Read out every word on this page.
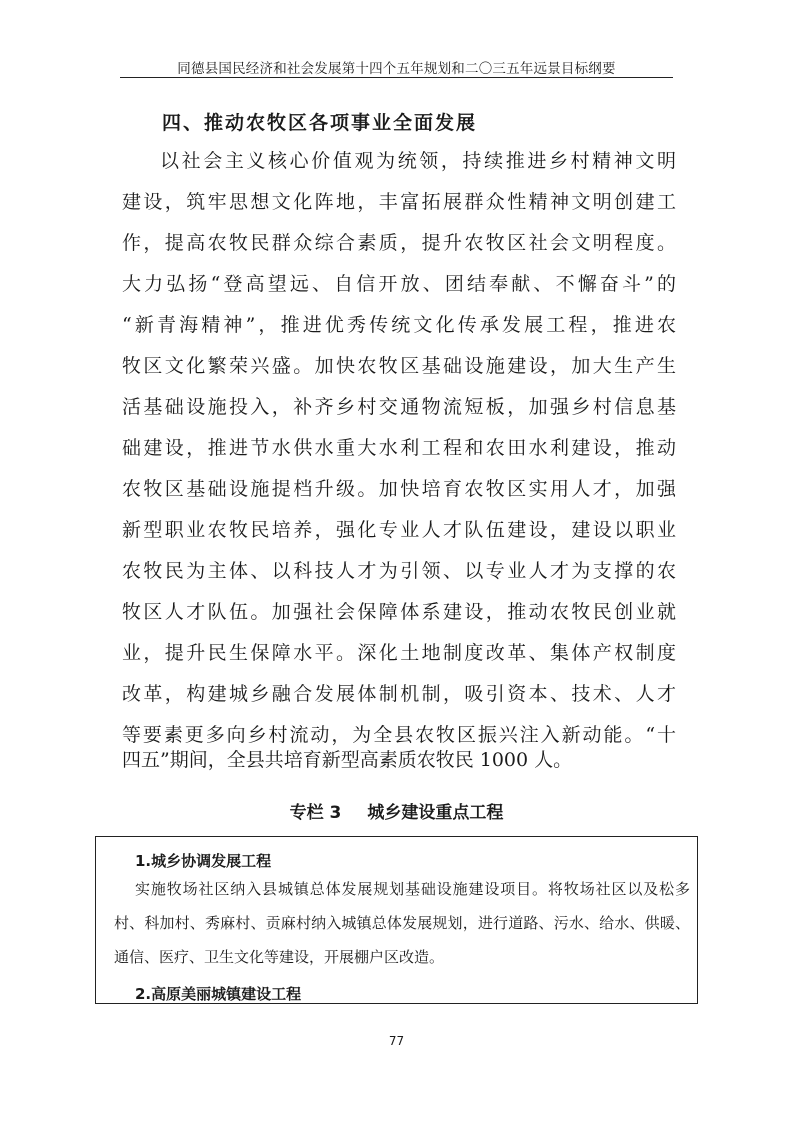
同德县国民经济和社会发展第十四个五年规划和二〇三五年远景目标纲要
四、推动农牧区各项事业全面发展
以社会主义核心价值观为统领，持续推进乡村精神文明
建设，筑牢思想文化阵地，丰富拓展群众性精神文明创建工
作，提高农牧民群众综合素质，提升农牧区社会文明程度。
大力弘扬“登高望远、自信开放、团结奉献、不懈奋斗”的
“新青海精神”，推进优秀传统文化传承发展工程，推进农
牧区文化繁荣兴盛。加快农牧区基础设施建设，加大生产生
活基础设施投入，补齐乡村交通物流短板，加强乡村信息基
础建设，推进节水供水重大水利工程和农田水利建设，推动
农牧区基础设施提档升级。加快培育农牧区实用人才，加强
新型职业农牧民培养，强化专业人才队伍建设，建设以职业
农牧民为主体、以科技人才为引领、以专业人才为支撑的农
牧区人才队伍。加强社会保障体系建设，推动农牧民创业就
业，提升民生保障水平。深化土地制度改革、集体产权制度
改革，构建城乡融合发展体制机制，吸引资本、技术、人才
等要素更多向乡村流动，为全县农牧区振兴注入新动能。“十
四五”期间，全县共培育新型高素质农牧民 1000 人。
专栏 3 城乡建设重点工程
1.城乡协调发展工程
实施牧场社区纳入县城镇总体发展规划基础设施建设项目。将牧场社区以及松多
村、科加村、秀麻村、贡麻村纳入城镇总体发展规划，进行道路、污水、给水、供暖、
通信、医疗、卫生文化等建设，开展棚户区改造。
2.高原美丽城镇建设工程
77
